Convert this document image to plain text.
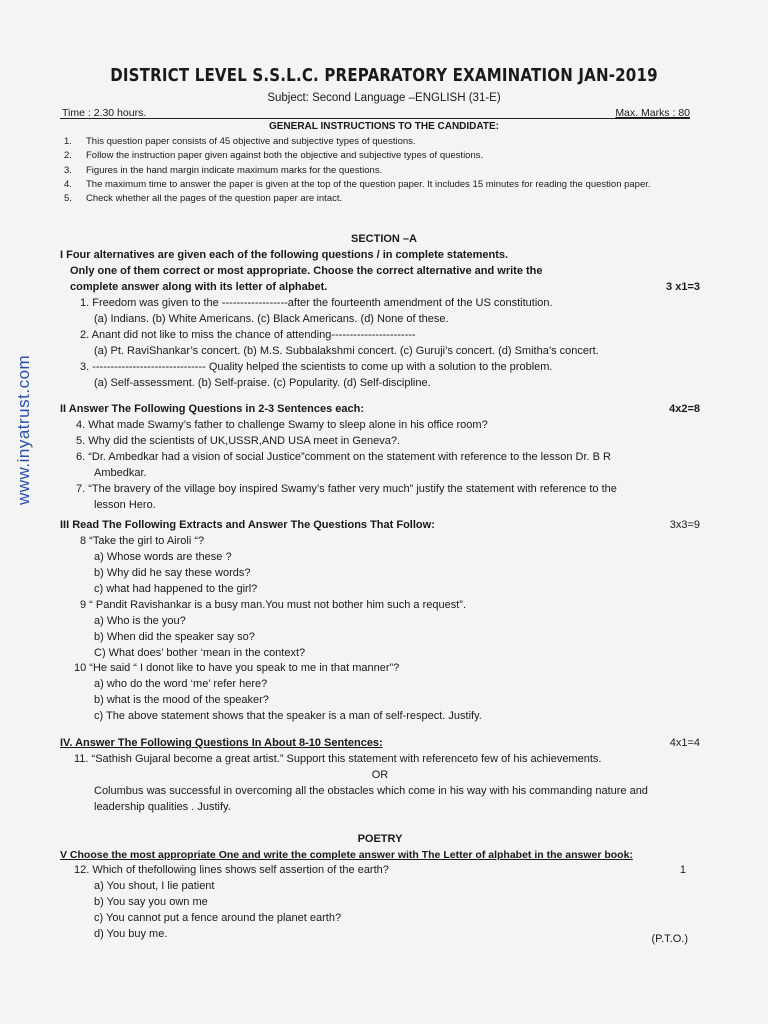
DISTRICT LEVEL S.S.L.C. PREPARATORY EXAMINATION JAN-2019
Subject: Second Language –ENGLISH (31-E)
Time : 2.30 hours.	Max. Marks : 80
GENERAL INSTRUCTIONS TO THE CANDIDATE:
1. This question paper consists of 45 objective and subjective types of questions.
2. Follow the instruction paper given against both the objective and subjective types of questions.
3. Figures in the hand margin indicate maximum marks for the questions.
4. The maximum time to answer the paper is given at the top of the question paper. It includes 15 minutes for reading the question paper.
5. Check whether all the pages of the question paper are intact.
SECTION –A
I Four alternatives are given each of the following questions / in complete statements.
Only one of them correct or most appropriate. Choose the correct alternative and write the
complete answer along with its letter of alphabet.	3 x1=3
1. Freedom was given to the ------------------after the fourteenth amendment of the US constitution.
(a) Indians. (b) White Americans. (c) Black Americans. (d) None of these.
2. Anant did not like to miss the chance of attending-----------------------
(a) Pt. RaviShankar’s concert. (b) M.S. Subbalakshmi concert. (c) Guruji’s concert. (d) Smitha’s concert.
3. ------------------------------- Quality helped the scientists to come up with a solution to the problem.
(a) Self-assessment. (b) Self-praise. (c) Popularity. (d) Self-discipline.
II Answer The Following Questions in 2-3 Sentences each:	4x2=8
4. What made Swamy’s father to challenge Swamy to sleep alone in his office room?
5. Why did the scientists of UK,USSR,AND USA meet in Geneva?.
6. “Dr. Ambedkar had a vision of social Justice”comment on the statement with reference to the lesson Dr. B R
Ambedkar.
7. “The bravery of the village boy inspired Swamy’s father very much” justify the statement with reference to the
lesson Hero.
III Read The Following Extracts and Answer The Questions That Follow:	3x3=9
8 “Take the girl to Airoli “?
a) Whose words are these ?
b) Why did he say these words?
c) what had happened to the girl?
9 “ Pandit Ravishankar is a busy man.You must not bother him such a request”.
a) Who is the you?
b) When did the speaker say so?
C) What does’ bother ‘mean in the context?
10 “He said “ I donot like to have you speak to me in that manner”?
a) who do the word ‘me’ refer here?
b) what is the mood of the speaker?
c) The above statement shows that the speaker is a man of self-respect. Justify.
IV. Answer The Following Questions In About 8-10 Sentences:	4x1=4
11. “Sathish Gujaral become a great artist.” Support this statement with referenceto few of his achievements.
OR
Columbus was successful in overcoming all the obstacles which come in his way with his commanding nature and
leadership qualities . Justify.
POETRY
V Choose the most appropriate One and write the complete answer with The Letter of alphabet in the answer book:
12. Which of thefollowing lines shows self assertion of the earth?	1
a) You shout, I lie patient
b) You say you own me
c) You cannot put a fence around the planet earth?
d) You buy me.	(P.T.O.)
www.inyatrust.com
